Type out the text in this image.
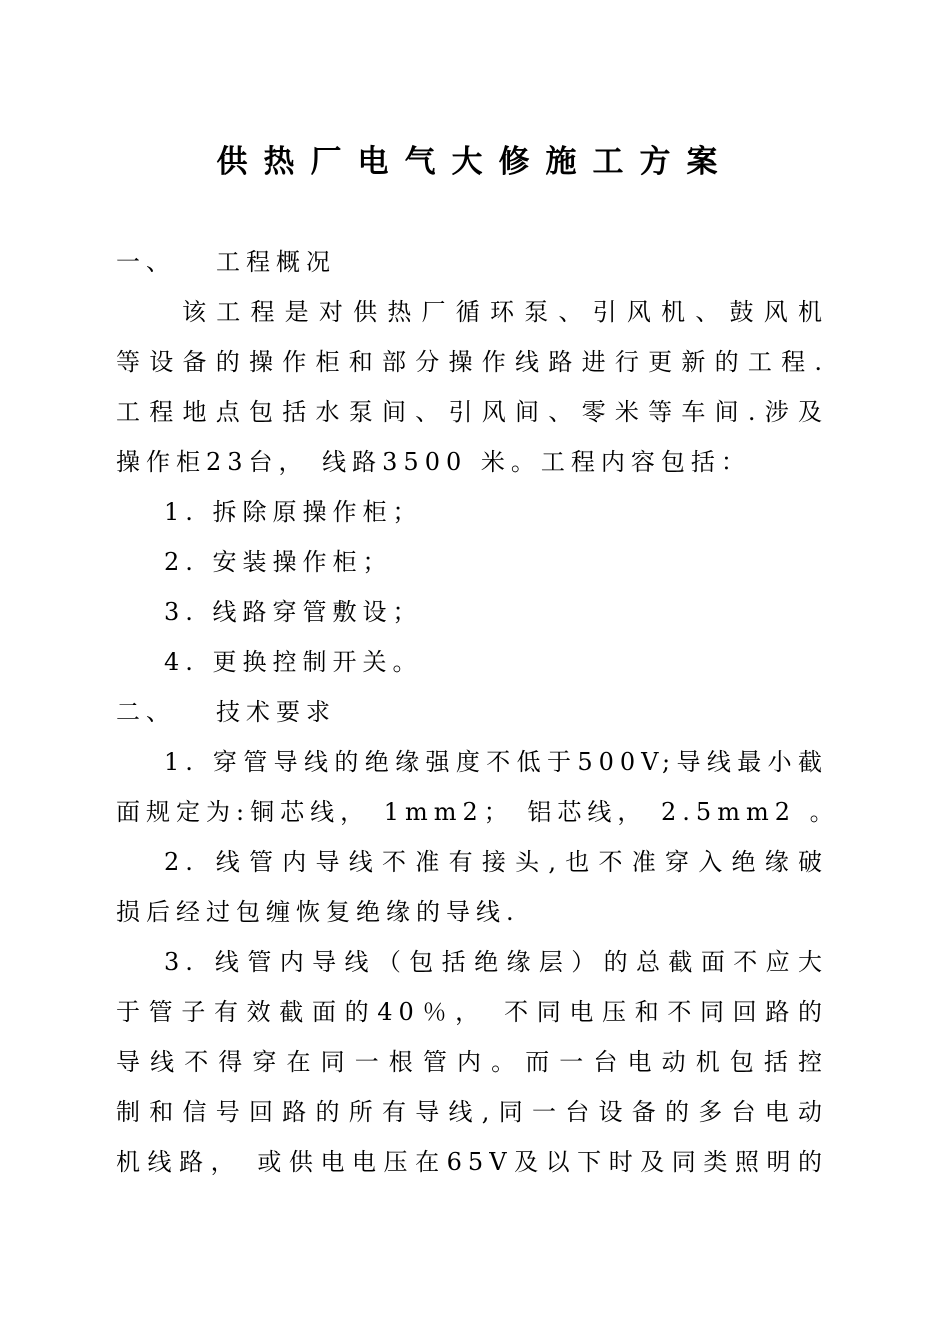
供热厂电气大修施工方案
一、 工程概况
该工程是对供热厂循环泵、引风机、鼓风机
等设备的操作柜和部分操作线路进行更新的工程.
工程地点包括水泵间、引风间、零米等车间.涉及
操作柜23台， 线路3500 米。工程内容包括：
1. 拆除原操作柜；
2. 安装操作柜；
3. 线路穿管敷设；
4. 更换控制开关。
二、 技术要求
1. 穿管导线的绝缘强度不低于500V;导线最小截
面规定为:铜芯线， 1mm2； 铝芯线， 2.5mm2 。
2. 线管内导线不准有接头,也不准穿入绝缘破
损后经过包缠恢复绝缘的导线.
3. 线管内导线（包括绝缘层）的总截面不应大
于管子有效截面的40％， 不同电压和不同回路的
导线不得穿在同一根管内。而一台电动机包括控
制和信号回路的所有导线,同一台设备的多台电动
机线路， 或供电电压在65V及以下时及同类照明的
